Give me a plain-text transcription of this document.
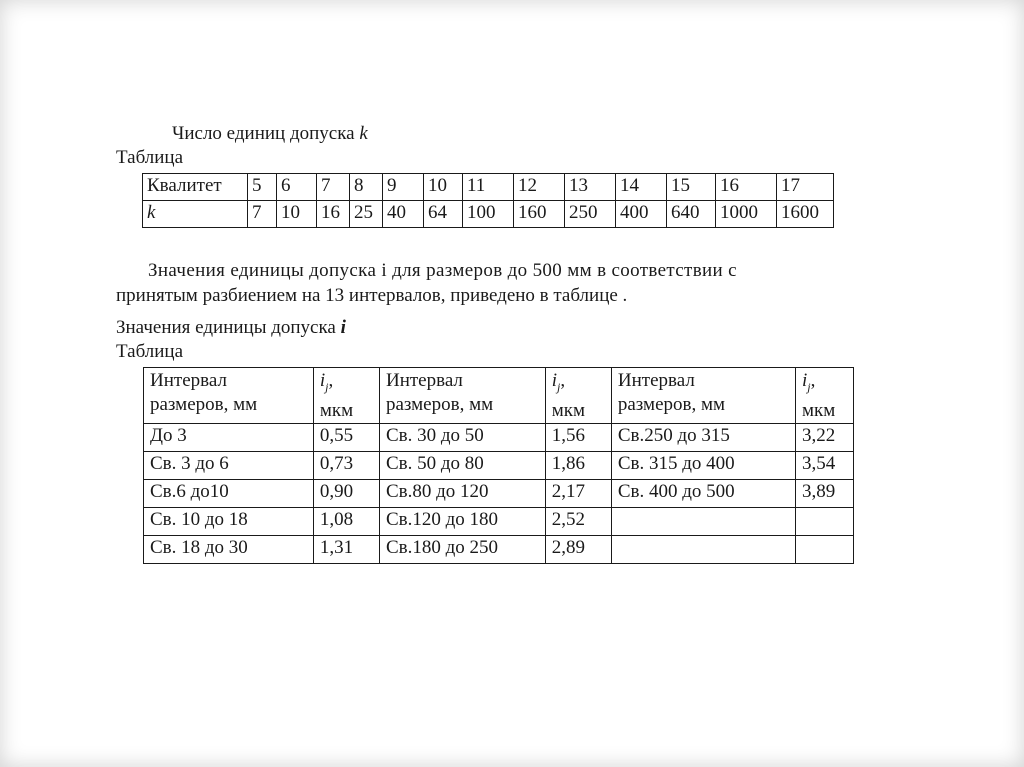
Число единиц допуска k
Таблица
Квалитет	5	6	7	8	9	10	11	12	13	14	15	16	17
k	7	10	16	25	40	64	100	160	250	400	640	1000	1600
Значения единицы допуска i для размеров до 500 мм в соответствии с
принятым разбиением на 13 интервалов, приведено в таблице .
Значения единицы допуска i
Таблица
Интервал
размеров, мм	$i_j$,
мкм	Интервал
размеров, мм	$i_j$,
мкм	Интервал
размеров, мм	$i_j$,
мкм
До 3	0,55	Св. 30 до 50	1,56	Св.250 до 315	3,22
Св. 3 до 6	0,73	Св. 50 до 80	1,86	Св. 315 до 400	3,54
Св.6 до10	0,90	Св.80 до 120	2,17	Св. 400 до 500	3,89
Св. 10 до 18	1,08	Св.120 до 180	2,52		
Св. 18 до 30	1,31	Св.180 до 250	2,89		
